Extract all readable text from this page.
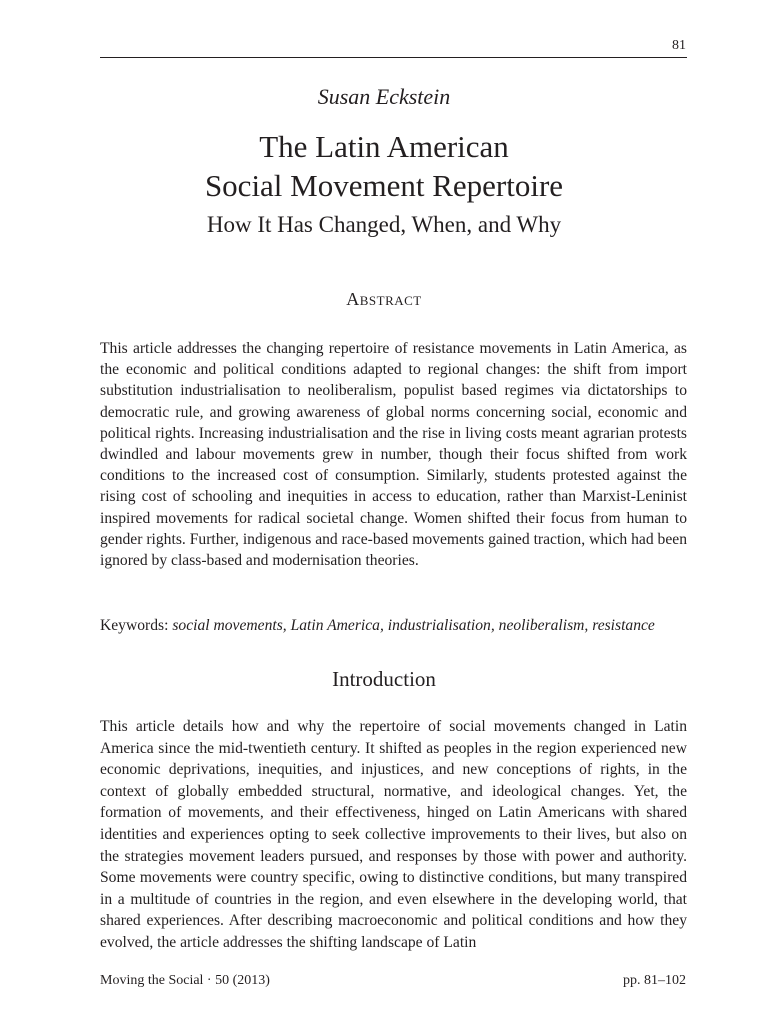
81
Susan Eckstein
The Latin American
Social Movement Repertoire
How It Has Changed, When, and Why
Abstract

This article addresses the changing repertoire of resistance movements in Latin America, as the economic and political conditions adapted to regional changes: the shift from import substitution industrialisation to neoliberalism, populist based regimes via dictatorships to democratic rule, and growing awareness of global norms concerning social, economic and political rights. Increasing industrialisation and the rise in living costs meant agrarian protests dwindled and labour movements grew in number, though their focus shifted from work conditions to the increased cost of consumption. Similarly, students protested against the rising cost of schooling and inequities in access to education, rather than Marxist-Leninist inspired movements for radical societal change. Women shifted their focus from human to gender rights. Further, indigenous and race-based movements gained traction, which had been ignored by class-based and modernisation theories.

Keywords: social movements, Latin America, industrialisation, neoliberalism, resistance
Introduction

This article details how and why the repertoire of social movements changed in Latin America since the mid-twentieth century. It shifted as peoples in the region experienced new economic deprivations, inequities, and injustices, and new conceptions of rights, in the context of globally embedded structural, normative, and ideological changes. Yet, the formation of movements, and their effectiveness, hinged on Latin Americans with shared identities and experiences opting to seek collective improvements to their lives, but also on the strategies movement leaders pursued, and responses by those with power and authority. Some movements were country specific, owing to distinctive conditions, but many transpired in a multitude of countries in the region, and even elsewhere in the developing world, that shared experiences. After describing macroeconomic and political conditions and how they evolved, the article addresses the shifting landscape of Latin

Moving the Social · 50 (2013)	pp. 81–102
